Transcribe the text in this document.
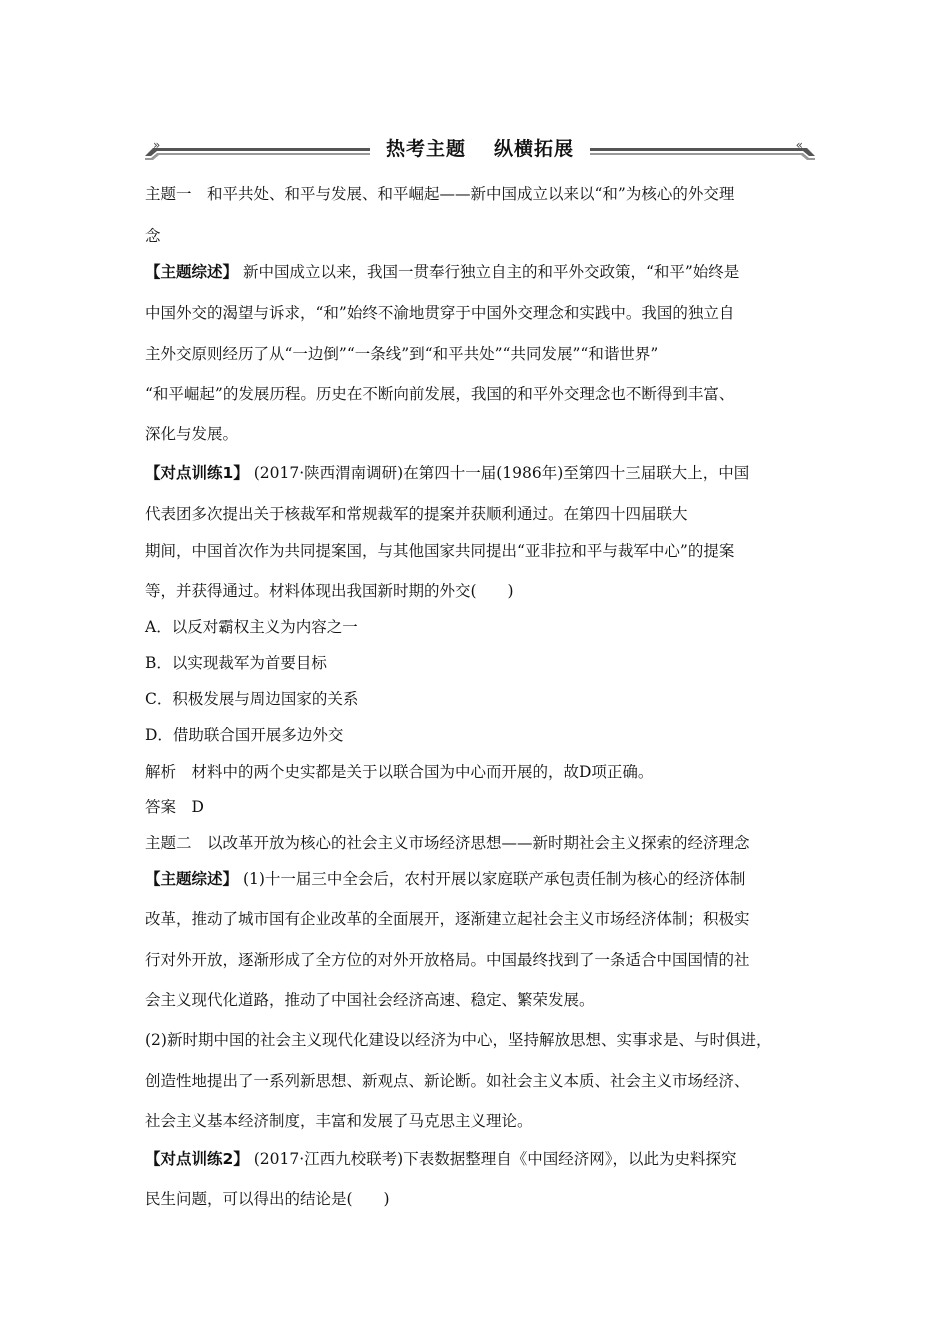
»	«
热考主题 纵横拓展
主题一　和平共处、和平与发展、和平崛起——新中国成立以来以“和”为核心的外交理
念
【主题综述】 新中国成立以来，我国一贯奉行独立自主的和平外交政策，“和平”始终是
中国外交的渴望与诉求，“和”始终不渝地贯穿于中国外交理念和实践中。我国的独立自
主外交原则经历了从“一边倒”“一条线”到“和平共处”“共同发展”“和谐世界”
“和平崛起”的发展历程。历史在不断向前发展，我国的和平外交理念也不断得到丰富、
深化与发展。
【对点训练1】 (2017·陕西渭南调研)在第四十一届(1986年)至第四十三届联大上，中国
代表团多次提出关于核裁军和常规裁军的提案并获顺利通过。在第四十四届联大
期间，中国首次作为共同提案国，与其他国家共同提出“亚非拉和平与裁军中心”的提案
等，并获得通过。材料体现出我国新时期的外交(　　)
A．以反对霸权主义为内容之一
B．以实现裁军为首要目标
C．积极发展与周边国家的关系
D．借助联合国开展多边外交
解析　材料中的两个史实都是关于以联合国为中心而开展的，故D项正确。
答案　D
主题二　以改革开放为核心的社会主义市场经济思想——新时期社会主义探索的经济理念
【主题综述】 (1)十一届三中全会后，农村开展以家庭联产承包责任制为核心的经济体制
改革，推动了城市国有企业改革的全面展开，逐渐建立起社会主义市场经济体制；积极实
行对外开放，逐渐形成了全方位的对外开放格局。中国最终找到了一条适合中国国情的社
会主义现代化道路，推动了中国社会经济高速、稳定、繁荣发展。
(2)新时期中国的社会主义现代化建设以经济为中心，坚持解放思想、实事求是、与时俱进，
创造性地提出了一系列新思想、新观点、新论断。如社会主义本质、社会主义市场经济、
社会主义基本经济制度，丰富和发展了马克思主义理论。
【对点训练2】 (2017·江西九校联考)下表数据整理自《中国经济网》，以此为史料探究
民生问题，可以得出的结论是(　　)
